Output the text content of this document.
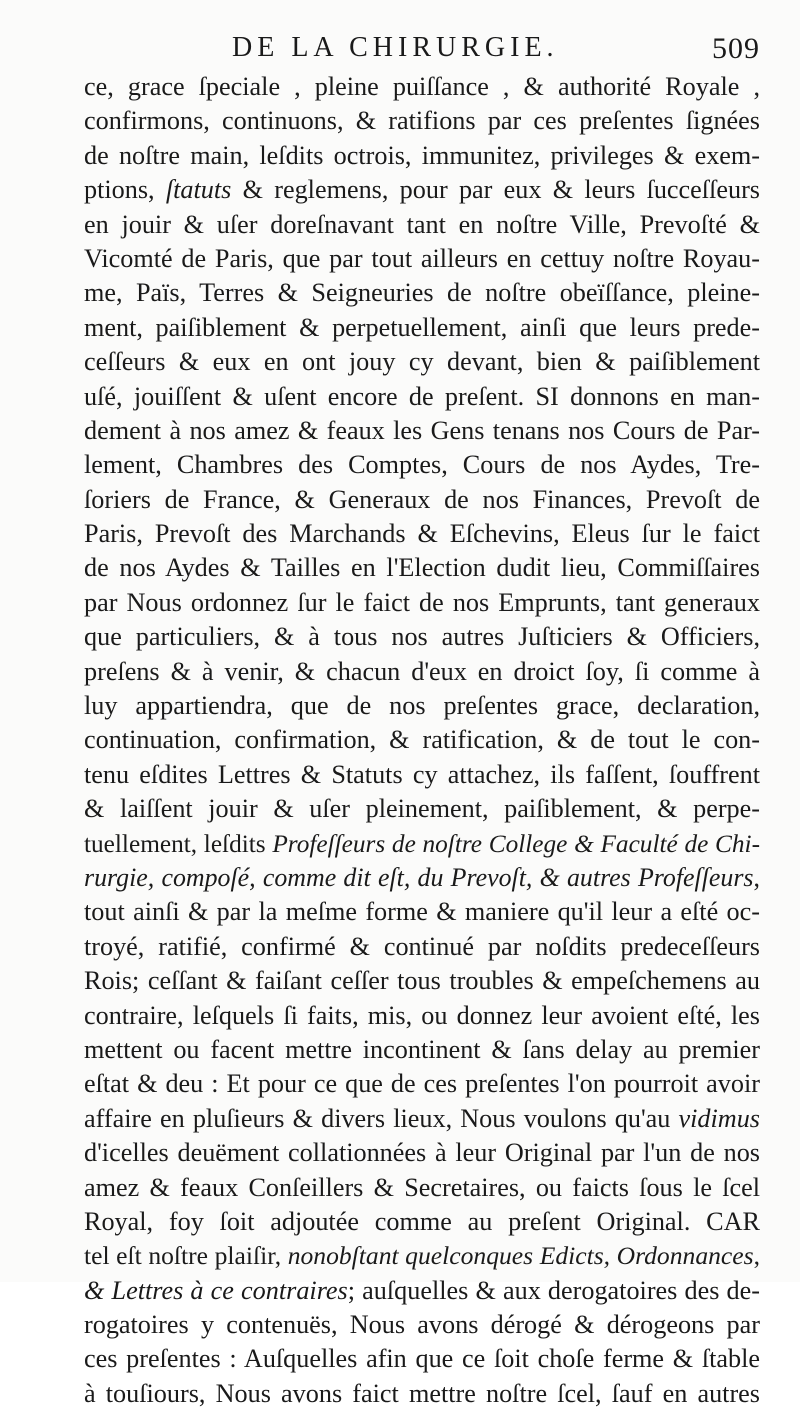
DE LA CHIRURGIE.	509
ce, grace ſpeciale , pleine puiſſance , & authorité Royale ,
confirmons, continuons, & ratifions par ces preſentes ſignées
de noſtre main, leſdits octrois, immunitez, privileges & exem-
ptions, ſtatuts & reglemens, pour par eux & leurs ſucceſſeurs
en jouir & uſer doreſnavant tant en noſtre Ville, Prevoſté &
Vicomté de Paris, que par tout ailleurs en cettuy noſtre Royau-
me, Païs, Terres & Seigneuries de noſtre obeïſſance, pleine-
ment, paiſiblement & perpetuellement, ainſi que leurs prede-
ceſſeurs & eux en ont jouy cy devant, bien & paiſiblement
uſé, jouiſſent & uſent encore de preſent. SI donnons en man-
dement à nos amez & feaux les Gens tenans nos Cours de Par-
lement, Chambres des Comptes, Cours de nos Aydes, Tre-
ſoriers de France, & Generaux de nos Finances, Prevoſt de
Paris, Prevoſt des Marchands & Eſchevins, Eleus ſur le faict
de nos Aydes & Tailles en l'Election dudit lieu, Commiſſaires
par Nous ordonnez ſur le faict de nos Emprunts, tant generaux
que particuliers, & à tous nos autres Juſticiers & Officiers,
preſens & à venir, & chacun d'eux en droict ſoy, ſi comme à
luy appartiendra, que de nos preſentes grace, declaration,
continuation, confirmation, & ratification, & de tout le con-
tenu eſdites Lettres & Statuts cy attachez, ils faſſent, ſouffrent
& laiſſent jouir & uſer pleinement, paiſiblement, & perpe-
tuellement, leſdits Profeſſeurs de noſtre College & Faculté de Chi-
rurgie, compoſé, comme dit eſt, du Prevoſt, & autres Profeſſeurs,
tout ainſi & par la meſme forme & maniere qu'il leur a eſté oc-
troyé, ratifié, confirmé & continué par noſdits predeceſſeurs
Rois; ceſſant & faiſant ceſſer tous troubles & empeſchemens au
contraire, leſquels ſi faits, mis, ou donnez leur avoient eſté, les
mettent ou facent mettre incontinent & ſans delay au premier
eſtat & deu : Et pour ce que de ces preſentes l'on pourroit avoir
affaire en pluſieurs & divers lieux, Nous voulons qu'au vidimus
d'icelles deuëment collationnées à leur Original par l'un de nos
amez & feaux Conſeillers & Secretaires, ou faicts ſous le ſcel
Royal, foy ſoit adjoutée comme au preſent Original. CAR
tel eſt noſtre plaiſir, nonobſtant quelconques Edicts, Ordonnances,
& Lettres à ce contraires; auſquelles & aux derogatoires des de-
rogatoires y contenuës, Nous avons dérogé & dérogeons par
ces preſentes : Auſquelles afin que ce ſoit choſe ferme & ſtable
à touſiours, Nous avons faict mettre noſtre ſcel, ſauf en autres
